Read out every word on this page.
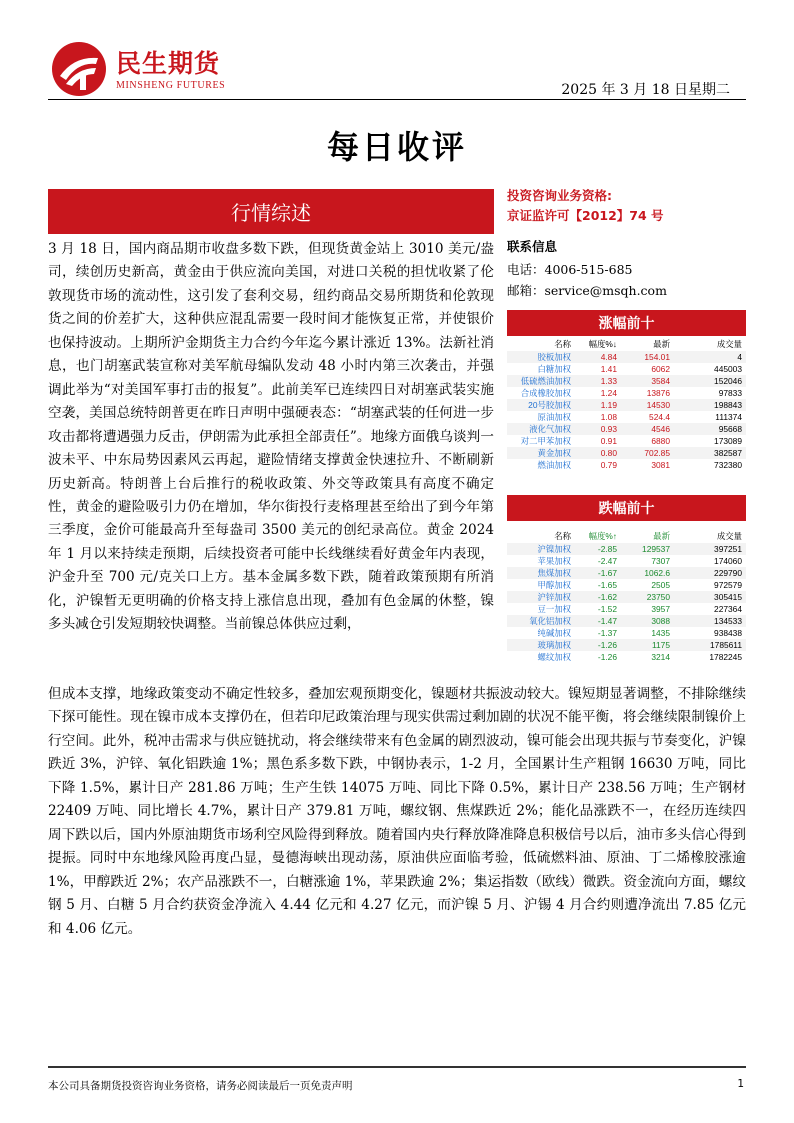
民生期货
MINSHENG FUTURES	2025 年 3 月 18 日星期二
每日收评
行情综述

3 月 18 日，国内商品期市收盘多数下跌，但现货黄金站上 3010 美元/盎司，续创历史新高，黄金由于供应流向美国，对进口关税的担忧收紧了伦敦现货市场的流动性，这引发了套利交易，纽约商品交易所期货和伦敦现货之间的价差扩大，这种供应混乱需要一段时间才能恢复正常，并使银价也保持波动。上期所沪金期货主力合约今年迄今累计涨近 13%。法新社消息，也门胡塞武装宣称对美军航母编队发动 48 小时内第三次袭击，并强调此举为“对美国军事打击的报复”。此前美军已连续四日对胡塞武装实施空袭，美国总统特朗普更在昨日声明中强硬表态：“胡塞武装的任何进一步攻击都将遭遇强力反击，伊朗需为此承担全部责任”。地缘方面俄乌谈判一波未平、中东局势因素风云再起，避险情绪支撑黄金快速拉升、不断刷新历史新高。特朗普上台后推行的税收政策、外交等政策具有高度不确定性，黄金的避险吸引力仍在增加，华尔街投行麦格理甚至给出了到今年第三季度，金价可能最高升至每盎司 3500 美元的创纪录高位。黄金 2024 年 1 月以来持续走预期，后续投资者可能中长线继续看好黄金年内表现，沪金升至 700 元/克关口上方。基本金属多数下跌，随着政策预期有所消化，沪镍暂无更明确的价格支持上涨信息出现，叠加有色金属的休整，镍多头减仓引发短期较快调整。当前镍总体供应过剩，

但成本支撑，地缘政策变动不确定性较多，叠加宏观预期变化，镍题材共振波动较大。镍短期显著调整，不排除继续下探可能性。现在镍市成本支撑仍在，但若印尼政策治理与现实供需过剩加剧的状况不能平衡，将会继续限制镍价上行空间。此外，税冲击需求与供应链扰动，将会继续带来有色金属的剧烈波动，镍可能会出现共振与节奏变化，沪镍跌近 3%，沪锌、氧化铝跌逾 1%；黑色系多数下跌，中钢协表示，1-2 月，全国累计生产粗钢 16630 万吨，同比下降 1.5%，累计日产 281.86 万吨；生产生铁 14075 万吨、同比下降 0.5%，累计日产 238.56 万吨；生产钢材 22409 万吨、同比增长 4.7%，累计日产 379.81 万吨，螺纹钢、焦煤跌近 2%；能化品涨跌不一，在经历连续四周下跌以后，国内外原油期货市场利空风险得到释放。随着国内央行释放降准降息积极信号以后，油市多头信心得到提振。同时中东地缘风险再度凸显，曼德海峡出现动荡，原油供应面临考验，低硫燃料油、原油、丁二烯橡胶涨逾 1%，甲醇跌近 2%；农产品涨跌不一，白糖涨逾 1%，苹果跌逾 2%；集运指数（欧线）微跌。资金流向方面，螺纹钢 5 月、白糖 5 月合约获资金净流入 4.44 亿元和 4.27 亿元，而沪镍 5 月、沪锡 4 月合约则遭净流出 7.85 亿元和 4.06 亿元。

投资咨询业务资格:
京证监许可【2012】74 号
联系信息
电话：4006-515-685
邮箱：service@msqh.com
涨幅前十
名称	幅度%↓	最新	成交量
胶板加权	4.84	154.01	4
白糖加权	1.41	6062	445003
低硫燃油加权	1.33	3584	152046
合成橡胶加权	1.24	13876	97833
20号胶加权	1.19	14530	198843
原油加权	1.08	524.4	111374
液化气加权	0.93	4546	95668
对二甲苯加权	0.91	6880	173089
黄金加权	0.80	702.85	382587
燃油加权	0.79	3081	732380
跌幅前十
名称	幅度%↑	最新	成交量
沪镍加权	-2.85	129537	397251
苹果加权	-2.47	7307	174060
焦煤加权	-1.67	1062.6	229790
甲醇加权	-1.65	2505	972579
沪锌加权	-1.62	23750	305415
豆一加权	-1.52	3957	227364
氧化铝加权	-1.47	3088	134533
纯碱加权	-1.37	1435	938438
玻璃加权	-1.26	1175	1785611
螺纹加权	-1.26	3214	1782245
本公司具备期货投资咨询业务资格，请务必阅读最后一页免责声明	1
